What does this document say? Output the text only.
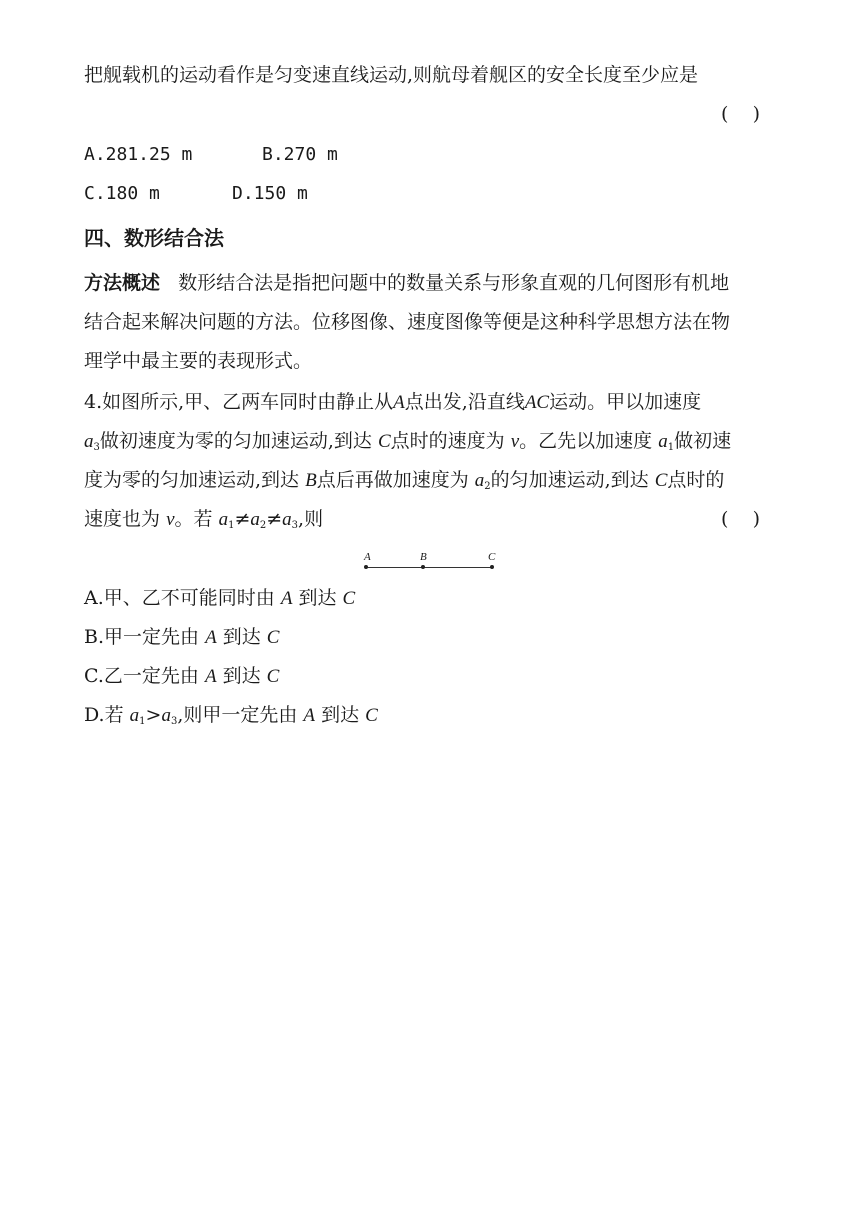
把舰载机的运动看作是匀变速直线运动,则航母着舰区的安全长度至少应是
(    )
A.281.25 m	B.270 m
C.180 m	D.150 m
四、数形结合法
方法概述 数形结合法是指把问题中的数量关系与形象直观的几何图形有机地
结合起来解决问题的方法。位移图像、速度图像等便是这种科学思想方法在物
理学中最主要的表现形式。
4.如图所示,甲、乙两车同时由静止从A点出发,沿直线AC运动。甲以加速度
$a_3$做初速度为零的匀加速运动,到达 C点时的速度为 v。乙先以加速度 $a_1$做初速
度为零的匀加速运动,到达 B点后再做加速度为 $a_2$的匀加速运动,到达 C点时的
速度也为 v。若 $a_1\ne a_2\ne a_3$,则	(    )
A	B	C
A.甲、乙不可能同时由 A 到达 C
B.甲一定先由 A 到达 C
C.乙一定先由 A 到达 C
D.若 $a_1>a_3$,则甲一定先由 A 到达 C
